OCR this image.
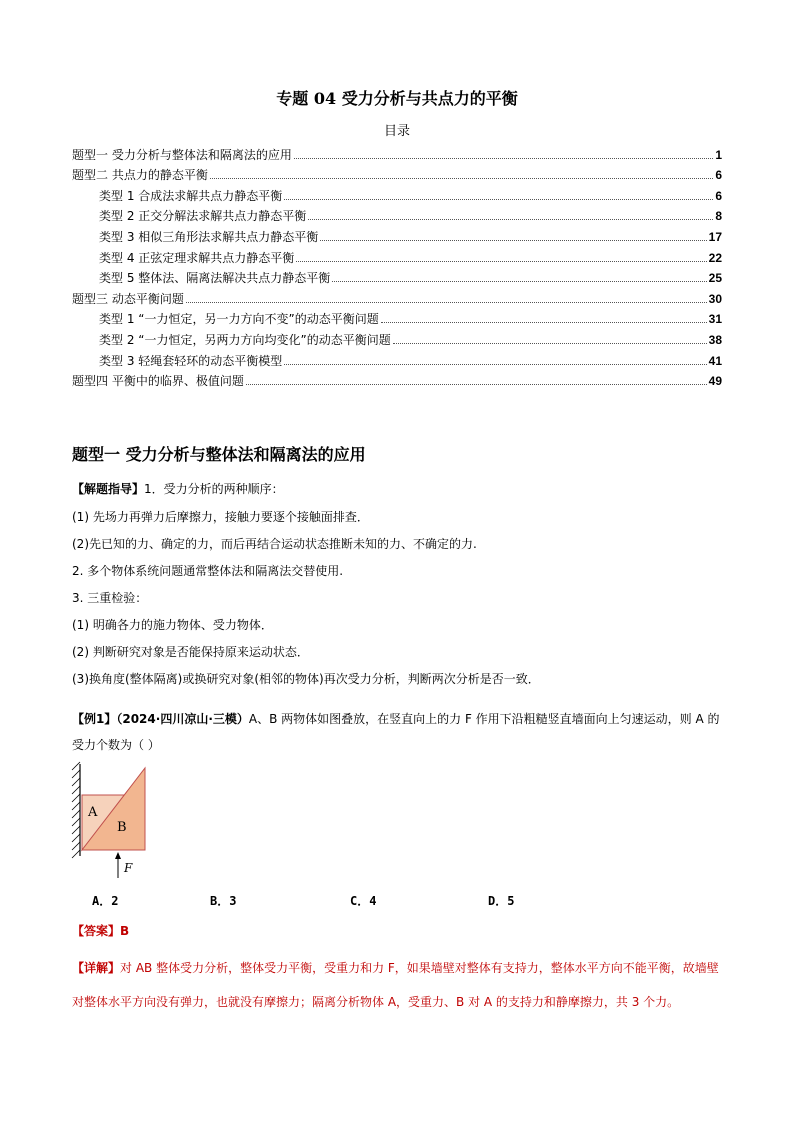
专题 04 受力分析与共点力的平衡
目录
题型一 受力分析与整体法和隔离法的应用	1
题型二 共点力的静态平衡	6
类型 1 合成法求解共点力静态平衡	6
类型 2 正交分解法求解共点力静态平衡	8
类型 3 相似三角形法求解共点力静态平衡	17
类型 4 正弦定理求解共点力静态平衡	22
类型 5 整体法、隔离法解决共点力静态平衡	25
题型三 动态平衡问题	30
类型 1 “一力恒定，另一力方向不变”的动态平衡问题	31
类型 2 “一力恒定，另两力方向均变化”的动态平衡问题	38
类型 3 轻绳套轻环的动态平衡模型	41
题型四 平衡中的临界、极值问题	49
题型一 受力分析与整体法和隔离法的应用
【解题指导】1．受力分析的两种顺序：
(1) 先场力再弹力后摩擦力，接触力要逐个接触面排查．
(2)先已知的力、确定的力，而后再结合运动状态推断未知的力、不确定的力.
2. 多个物体系统问题通常整体法和隔离法交替使用.
3. 三重检验：
(1) 明确各力的施力物体、受力物体．
(2) 判断研究对象是否能保持原来运动状态．
(3)换角度(整体隔离)或换研究对象(相邻的物体)再次受力分析，判断两次分析是否一致．
【例1】（2024·四川凉山·三模）A、B 两物体如图叠放，在竖直向上的力 F 作用下沿粗糙竖直墙面向上匀速运动，则 A 的受力个数为（ ）
A
B
F
A．2	B．3	C．4	D．5
【答案】B
【详解】对 AB 整体受力分析，整体受力平衡，受重力和力 F，如果墙壁对整体有支持力，整体水平方向不能平衡，故墙壁对整体水平方向没有弹力，也就没有摩擦力；隔离分析物体 A，受重力、B 对 A 的支持力和静摩擦力，共 3 个力。
